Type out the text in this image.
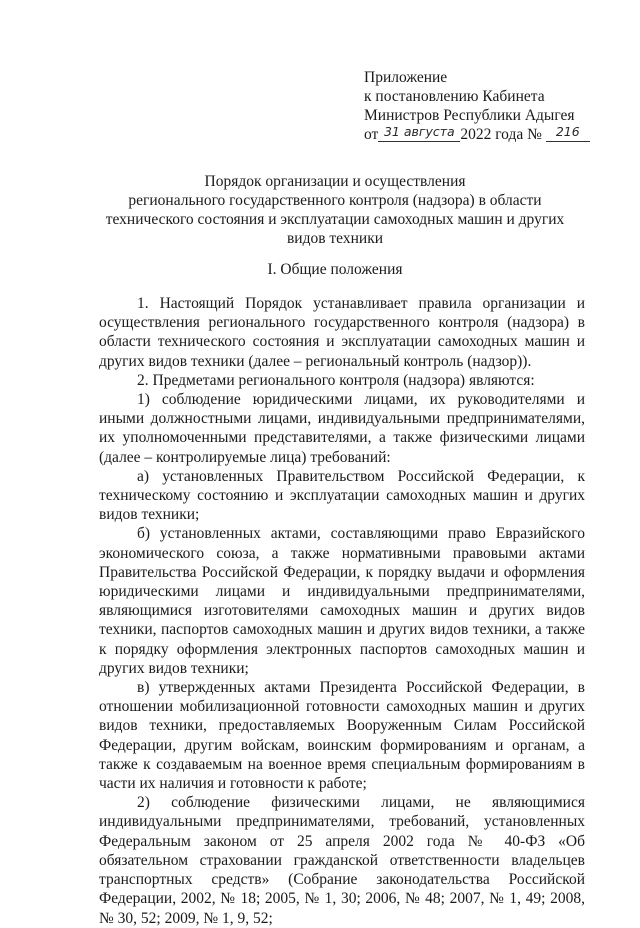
Приложение
к постановлению Кабинета
Министров Республики Адыгея
от 31 августа 2022 года № 216
Порядок организации и осуществления
регионального государственного контроля (надзора) в области
технического состояния и эксплуатации самоходных машин и других
видов техники
I. Общие положения

1. Настоящий Порядок устанавливает правила организации и осуществления регионального государственного контроля (надзора) в области технического состояния и эксплуатации самоходных машин и других видов техники (далее – региональный контроль (надзор)).

2. Предметами регионального контроля (надзора) являются:

1) соблюдение юридическими лицами, их руководителями и иными должностными лицами, индивидуальными предпринимателями, их уполномоченными представителями, а также физическими лицами (далее – контролируемые лица) требований:

а) установленных Правительством Российской Федерации, к техническому состоянию и эксплуатации самоходных машин и других видов техники;

б) установленных актами, составляющими право Евразийского экономического союза, а также нормативными правовыми актами Правительства Российской Федерации, к порядку выдачи и оформления юридическими лицами и индивидуальными предпринимателями, являющимися изготовителями самоходных машин и других видов техники, паспортов самоходных машин и других видов техники, а также к порядку оформления электронных паспортов самоходных машин и других видов техники;

в) утвержденных актами Президента Российской Федерации, в отношении мобилизационной готовности самоходных машин и других видов техники, предоставляемых Вооруженным Силам Российской Федерации, другим войскам, воинским формированиям и органам, а также к создаваемым на военное время специальным формированиям в части их наличия и готовности к работе;

2) соблюдение физическими лицами, не являющимися индивидуальными предпринимателями, требований, установленных Федеральным законом от 25 апреля 2002 года № 40-ФЗ «Об обязательном страховании гражданской ответственности владельцев транспортных средств» (Собрание законодательства Российской Федерации, 2002, № 18; 2005, № 1, 30; 2006, № 48; 2007, № 1, 49; 2008, № 30, 52; 2009, № 1, 9, 52;
